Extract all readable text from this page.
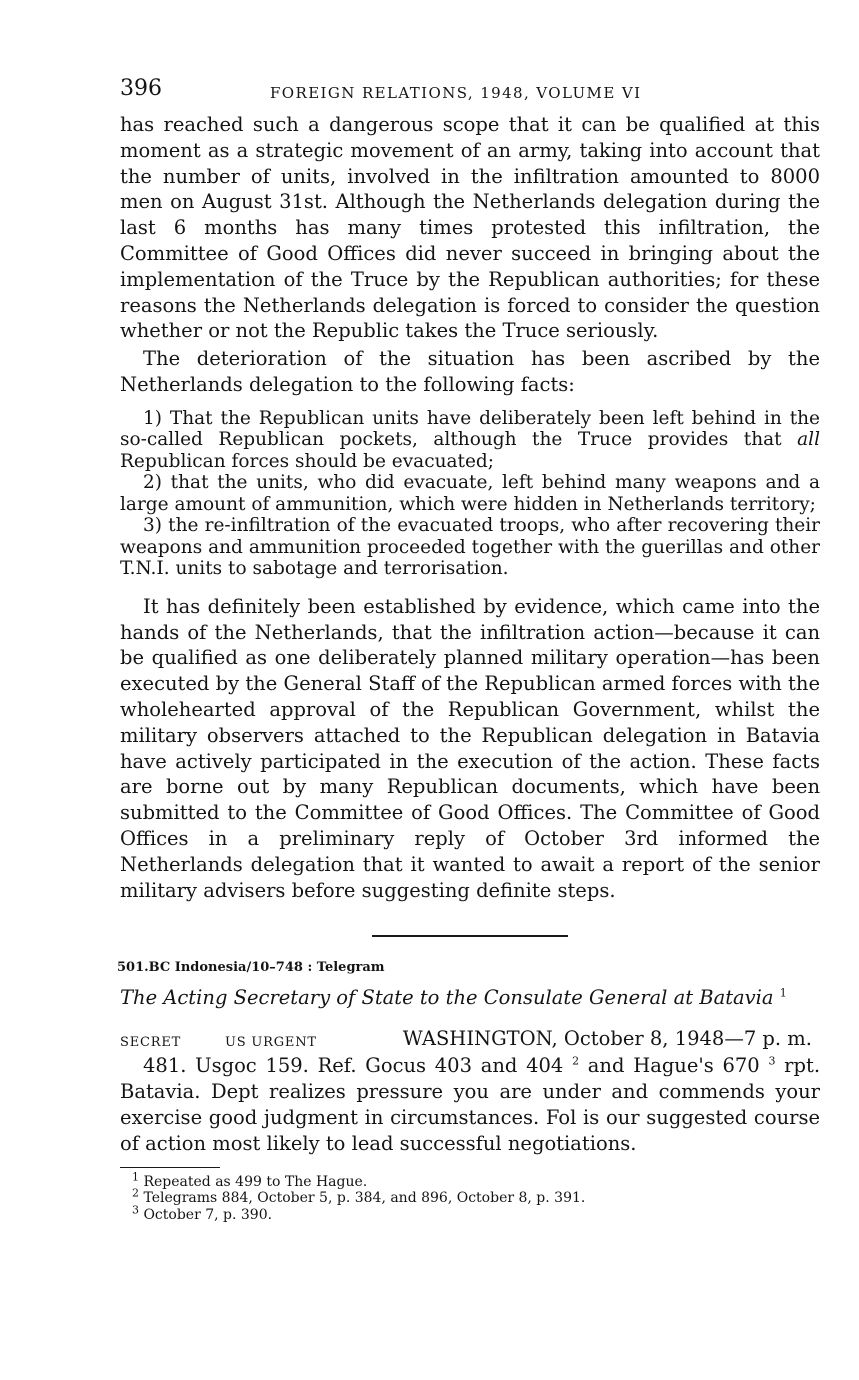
396	FOREIGN RELATIONS, 1948, VOLUME VI

has reached such a dangerous scope that it can be qualified at this moment as a strategic movement of an army, taking into account that the number of units, involved in the infiltration amounted to 8000 men on August 31st. Although the Netherlands delegation during the last 6 months has many times protested this infiltration, the Committee of Good Offices did never succeed in bringing about the implementation of the Truce by the Republican authorities; for these reasons the Netherlands delegation is forced to consider the question whether or not the Republic takes the Truce seriously.

The deterioration of the situation has been ascribed by the Netherlands delegation to the following facts:

1) That the Republican units have deliberately been left behind in the so-called Republican pockets, although the Truce provides that all Republican forces should be evacuated;

2) that the units, who did evacuate, left behind many weapons and a large amount of ammunition, which were hidden in Netherlands territory;

3) the re-infiltration of the evacuated troops, who after recovering their weapons and ammunition proceeded together with the guerillas and other T.N.I. units to sabotage and terrorisation.

It has definitely been established by evidence, which came into the hands of the Netherlands, that the infiltration action—because it can be qualified as one deliberately planned military operation—has been executed by the General Staff of the Republican armed forces with the wholehearted approval of the Republican Government, whilst the military observers attached to the Republican delegation in Batavia have actively participated in the execution of the action. These facts are borne out by many Republican documents, which have been submitted to the Committee of Good Offices. The Committee of Good Offices in a preliminary reply of October 3rd informed the Netherlands delegation that it wanted to await a report of the senior military advisers before suggesting definite steps.

501.BC Indonesia/10–748 : Telegram
The Acting Secretary of State to the Consulate General at Batavia $^1$
SECRET	US URGENT	WASHINGTON, October 8, 1948—7 p. m.

481. Usgoc 159. Ref. Gocus 403 and 404 $^2$ and Hague's 670 $^3$ rpt. Batavia. Dept realizes pressure you are under and commends your exercise good judgment in circumstances. Fol is our suggested course of action most likely to lead successful negotiations.

$^1$ Repeated as 499 to The Hague.
$^2$ Telegrams 884, October 5, p. 384, and 896, October 8, p. 391.
$^3$ October 7, p. 390.
